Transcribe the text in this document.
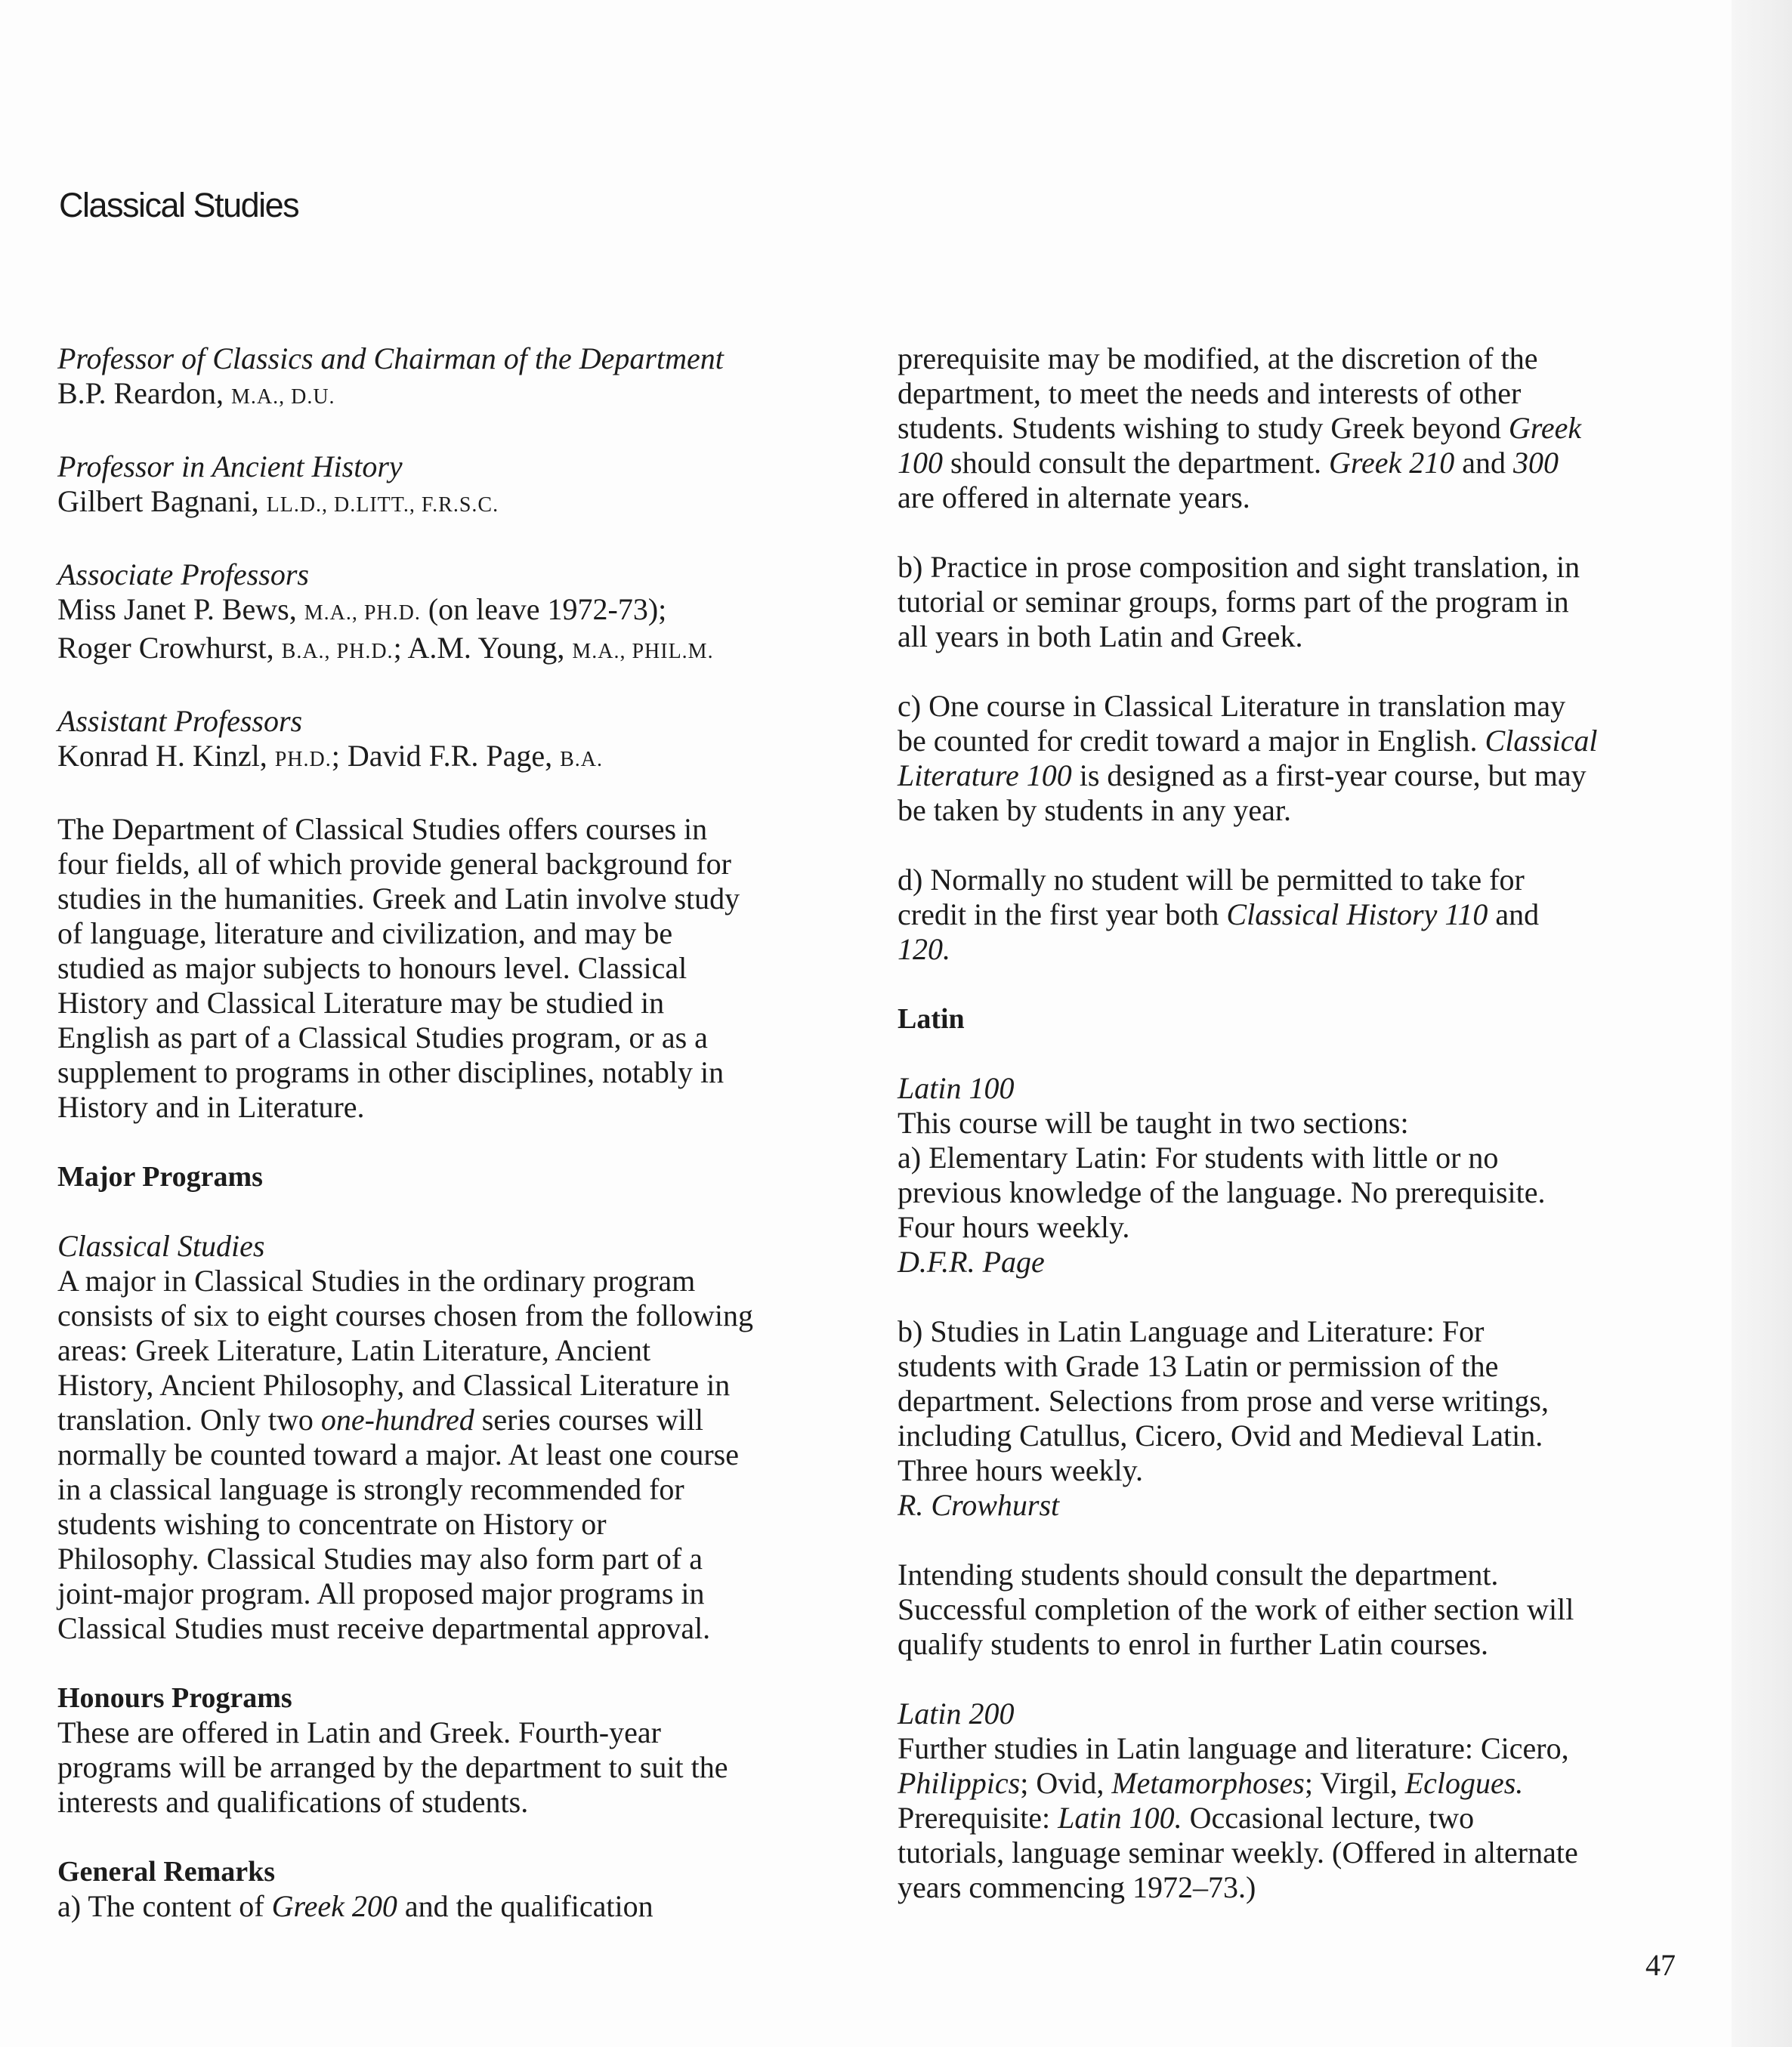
Classical Studies

Professor of Classics and Chairman of the Department

B.P. Reardon, M.A., D.U.

Professor in Ancient History

Gilbert Bagnani, LL.D., D.LITT., F.R.S.C.

Associate Professors

Miss Janet P. Bews, M.A., PH.D. (on leave 1972-73);

Roger Crowhurst, B.A., PH.D.; A.M. Young, M.A., PHIL.M.

Assistant Professors

Konrad H. Kinzl, PH.D.; David F.R. Page, B.A.

The Department of Classical Studies offers courses in

four fields, all of which provide general background for

studies in the humanities. Greek and Latin involve study

of language, literature and civilization, and may be

studied as major subjects to honours level. Classical

History and Classical Literature may be studied in

English as part of a Classical Studies program, or as a

supplement to programs in other disciplines, notably in

History and in Literature.

Major Programs

Classical Studies

A major in Classical Studies in the ordinary program

consists of six to eight courses chosen from the following

areas: Greek Literature, Latin Literature, Ancient

History, Ancient Philosophy, and Classical Literature in

translation. Only two one-hundred series courses will

normally be counted toward a major. At least one course

in a classical language is strongly recommended for

students wishing to concentrate on History or

Philosophy. Classical Studies may also form part of a

joint-major program. All proposed major programs in

Classical Studies must receive departmental approval.

Honours Programs

These are offered in Latin and Greek. Fourth-year

programs will be arranged by the department to suit the

interests and qualifications of students.

General Remarks

a) The content of Greek 200 and the qualification

prerequisite may be modified, at the discretion of the

department, to meet the needs and interests of other

students. Students wishing to study Greek beyond Greek

100 should consult the department. Greek 210 and 300

are offered in alternate years.

b) Practice in prose composition and sight translation, in

tutorial or seminar groups, forms part of the program in

all years in both Latin and Greek.

c) One course in Classical Literature in translation may

be counted for credit toward a major in English. Classical

Literature 100 is designed as a first-year course, but may

be taken by students in any year.

d) Normally no student will be permitted to take for

credit in the first year both Classical History 110 and

120.

Latin

Latin 100

This course will be taught in two sections:

a) Elementary Latin: For students with little or no

previous knowledge of the language. No prerequisite.

Four hours weekly.

D.F.R. Page

b) Studies in Latin Language and Literature: For

students with Grade 13 Latin or permission of the

department. Selections from prose and verse writings,

including Catullus, Cicero, Ovid and Medieval Latin.

Three hours weekly.

R. Crowhurst

Intending students should consult the department.

Successful completion of the work of either section will

qualify students to enrol in further Latin courses.

Latin 200

Further studies in Latin language and literature: Cicero,

Philippics; Ovid, Metamorphoses; Virgil, Eclogues.

Prerequisite: Latin 100. Occasional lecture, two

tutorials, language seminar weekly. (Offered in alternate

years commencing 1972–73.)

47
